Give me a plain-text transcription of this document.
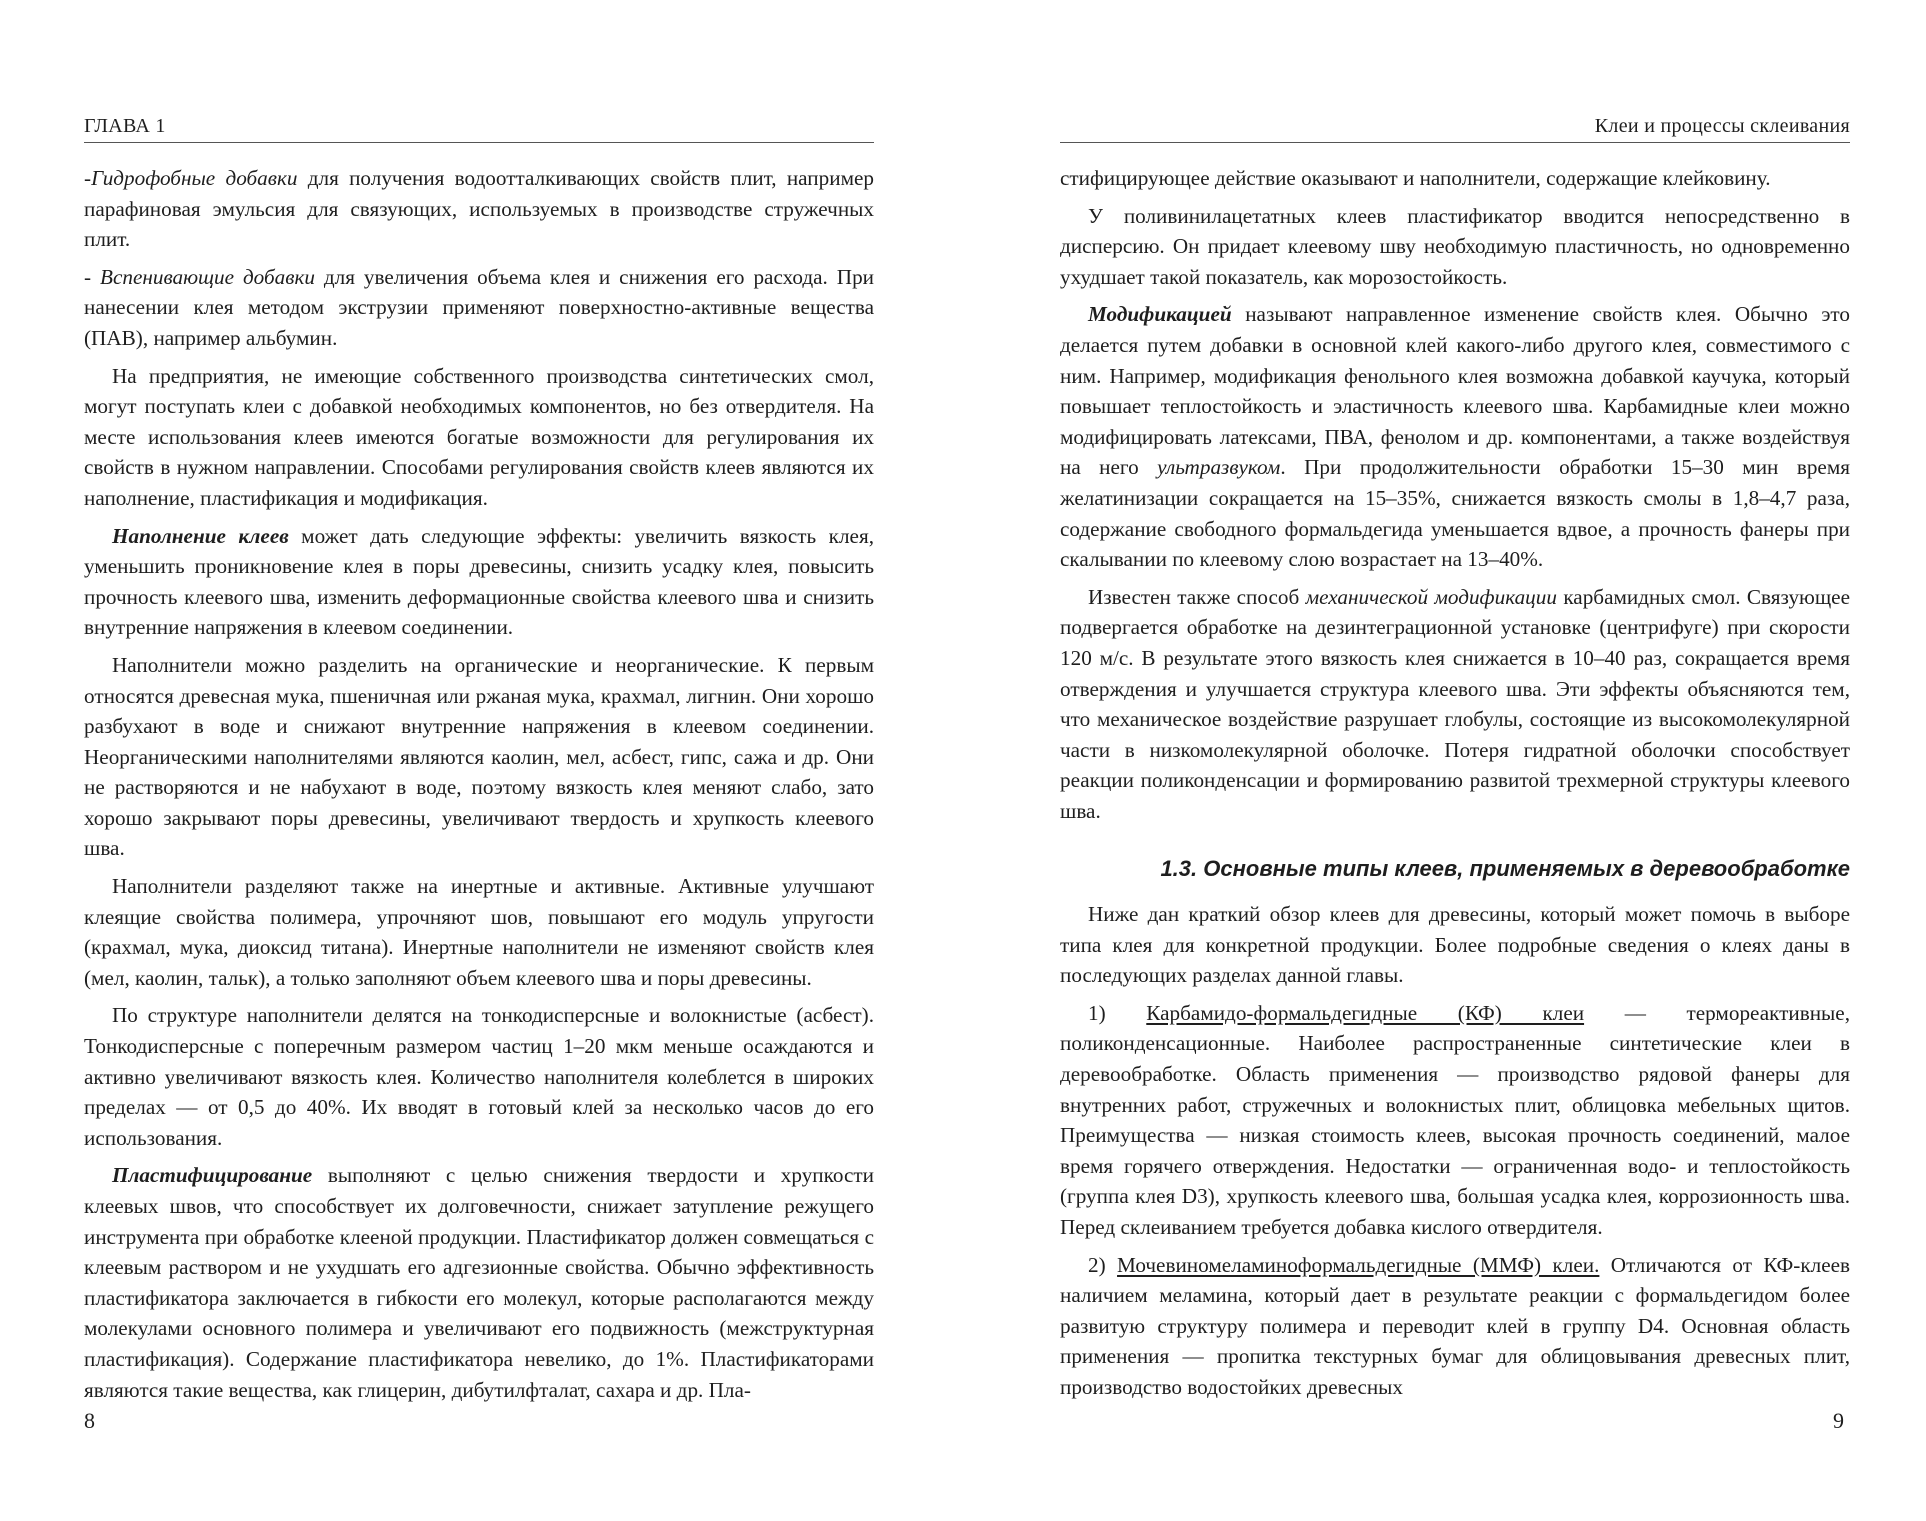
ГЛАВА 1

-Гидрофобные добавки для получения водоотталкивающих свойств плит, например парафиновая эмульсия для связующих, используемых в производстве стружечных плит.

- Вспенивающие добавки для увеличения объема клея и снижения его расхода. При нанесении клея методом экструзии применяют поверхностно-активные вещества (ПАВ), например альбумин.

На предприятия, не имеющие собственного производства синтетических смол, могут поступать клеи с добавкой необходимых компонентов, но без отвердителя. На месте использования клеев имеются богатые возможности для регулирования их свойств в нужном направлении. Способами регулирования свойств клеев являются их наполнение, пластификация и модификация.

Наполнение клеев может дать следующие эффекты: увеличить вязкость клея, уменьшить проникновение клея в поры древесины, снизить усадку клея, повысить прочность клеевого шва, изменить деформационные свойства клеевого шва и снизить внутренние напряжения в клеевом соединении.

Наполнители можно разделить на органические и неорганические. К первым относятся древесная мука, пшеничная или ржаная мука, крахмал, лигнин. Они хорошо разбухают в воде и снижают внутренние напряжения в клеевом соединении. Неорганическими наполнителями являются каолин, мел, асбест, гипс, сажа и др. Они не растворяются и не набухают в воде, поэтому вязкость клея меняют слабо, зато хорошо закрывают поры древесины, увеличивают твердость и хрупкость клеевого шва.

Наполнители разделяют также на инертные и активные. Активные улучшают клеящие свойства полимера, упрочняют шов, повышают его модуль упругости (крахмал, мука, диоксид титана). Инертные наполнители не изменяют свойств клея (мел, каолин, тальк), а только заполняют объем клеевого шва и поры древесины.

По структуре наполнители делятся на тонкодисперсные и волокнистые (асбест). Тонкодисперсные с поперечным размером частиц 1–20 мкм меньше осаждаются и активно увеличивают вязкость клея. Количество наполнителя колеблется в широких пределах — от 0,5 до 40%. Их вводят в готовый клей за несколько часов до его использования.

Пластифицирование выполняют с целью снижения твердости и хрупкости клеевых швов, что способствует их долговечности, снижает затупление режущего инструмента при обработке клееной продукции. Пластификатор должен совмещаться с клеевым раствором и не ухудшать его адгезионные свойства. Обычно эффективность пластификатора заключается в гибкости его молекул, которые располагаются между молекулами основного полимера и увеличивают его подвижность (межструктурная пластификация). Содержание пластификатора невелико, до 1%. Пластификаторами являются такие вещества, как глицерин, дибутилфталат, сахара и др. Пла-

8
Клеи и процессы склеивания

стифицирующее действие оказывают и наполнители, содержащие клейковину.

У поливинилацетатных клеев пластификатор вводится непосредственно в дисперсию. Он придает клеевому шву необходимую пластичность, но одновременно ухудшает такой показатель, как морозостойкость.

Модификацией называют направленное изменение свойств клея. Обычно это делается путем добавки в основной клей какого-либо другого клея, совместимого с ним. Например, модификация фенольного клея возможна добавкой каучука, который повышает теплостойкость и эластичность клеевого шва. Карбамидные клеи можно модифицировать латексами, ПВА, фенолом и др. компонентами, а также воздействуя на него ультразвуком. При продолжительности обработки 15–30 мин время желатинизации сокращается на 15–35%, снижается вязкость смолы в 1,8–4,7 раза, содержание свободного формальдегида уменьшается вдвое, а прочность фанеры при скалывании по клеевому слою возрастает на 13–40%.

Известен также способ механической модификации карбамидных смол. Связующее подвергается обработке на дезинтеграционной установке (центрифуге) при скорости 120 м/с. В результате этого вязкость клея снижается в 10–40 раз, сокращается время отверждения и улучшается структура клеевого шва. Эти эффекты объясняются тем, что механическое воздействие разрушает глобулы, состоящие из высокомолекулярной части в низкомолекулярной оболочке. Потеря гидратной оболочки способствует реакции поликонденсации и формированию развитой трехмерной структуры клеевого шва.

1.3. Основные типы клеев, применяемых в деревообработке

Ниже дан краткий обзор клеев для древесины, который может помочь в выборе типа клея для конкретной продукции. Более подробные сведения о клеях даны в последующих разделах данной главы.

1) Карбамидо-формальдегидные (КФ) клеи — термореактивные, поликонденсационные. Наиболее распространенные синтетические клеи в деревообработке. Область применения — производство рядовой фанеры для внутренних работ, стружечных и волокнистых плит, облицовка мебельных щитов. Преимущества — низкая стоимость клеев, высокая прочность соединений, малое время горячего отверждения. Недостатки — ограниченная водо- и теплостойкость (группа клея D3), хрупкость клеевого шва, большая усадка клея, коррозионность шва. Перед склеиванием требуется добавка кислого отвердителя.

2) Мочевиномеламиноформальдегидные (ММФ) клеи. Отличаются от КФ-клеев наличием меламина, который дает в результате реакции с формальдегидом более развитую структуру полимера и переводит клей в группу D4. Основная область применения — пропитка текстурных бумаг для облицовывания древесных плит, производство водостойких древесных

9
